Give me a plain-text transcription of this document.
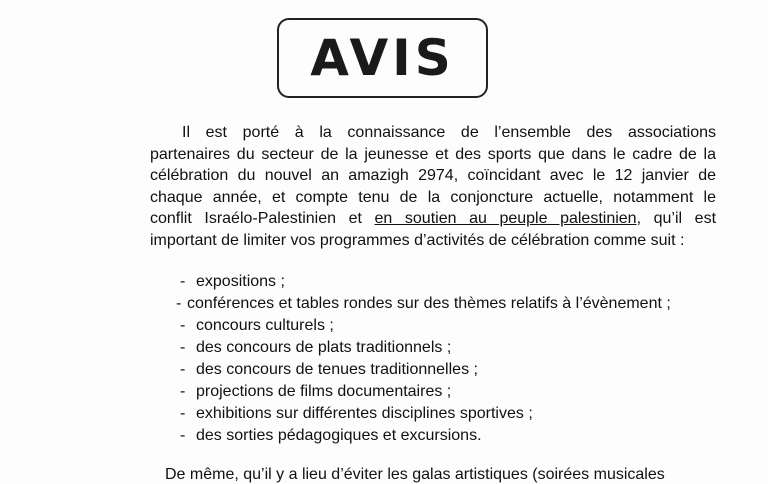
AVIS
Il est porté à la connaissance de l’ensemble des associations
partenaires du secteur de la jeunesse et des sports que dans le cadre de la
célébration du nouvel an amazigh 2974, coïncidant avec le 12 janvier de
chaque année, et compte tenu de la conjoncture actuelle, notamment le
conflit Israélo-Palestinien et en soutien au peuple palestinien, qu’il est
important de limiter vos programmes d’activités de célébration comme suit :
- expositions ;
- conférences et tables rondes sur des thèmes relatifs à l’évènement ;
- concours culturels ;
- des concours de plats traditionnels ;
- des concours de tenues traditionnelles ;
- projections de films documentaires ;
- exhibitions sur différentes disciplines sportives ;
- des sorties pédagogiques et excursions.
De même, qu’il y a lieu d’éviter les galas artistiques (soirées musicales
